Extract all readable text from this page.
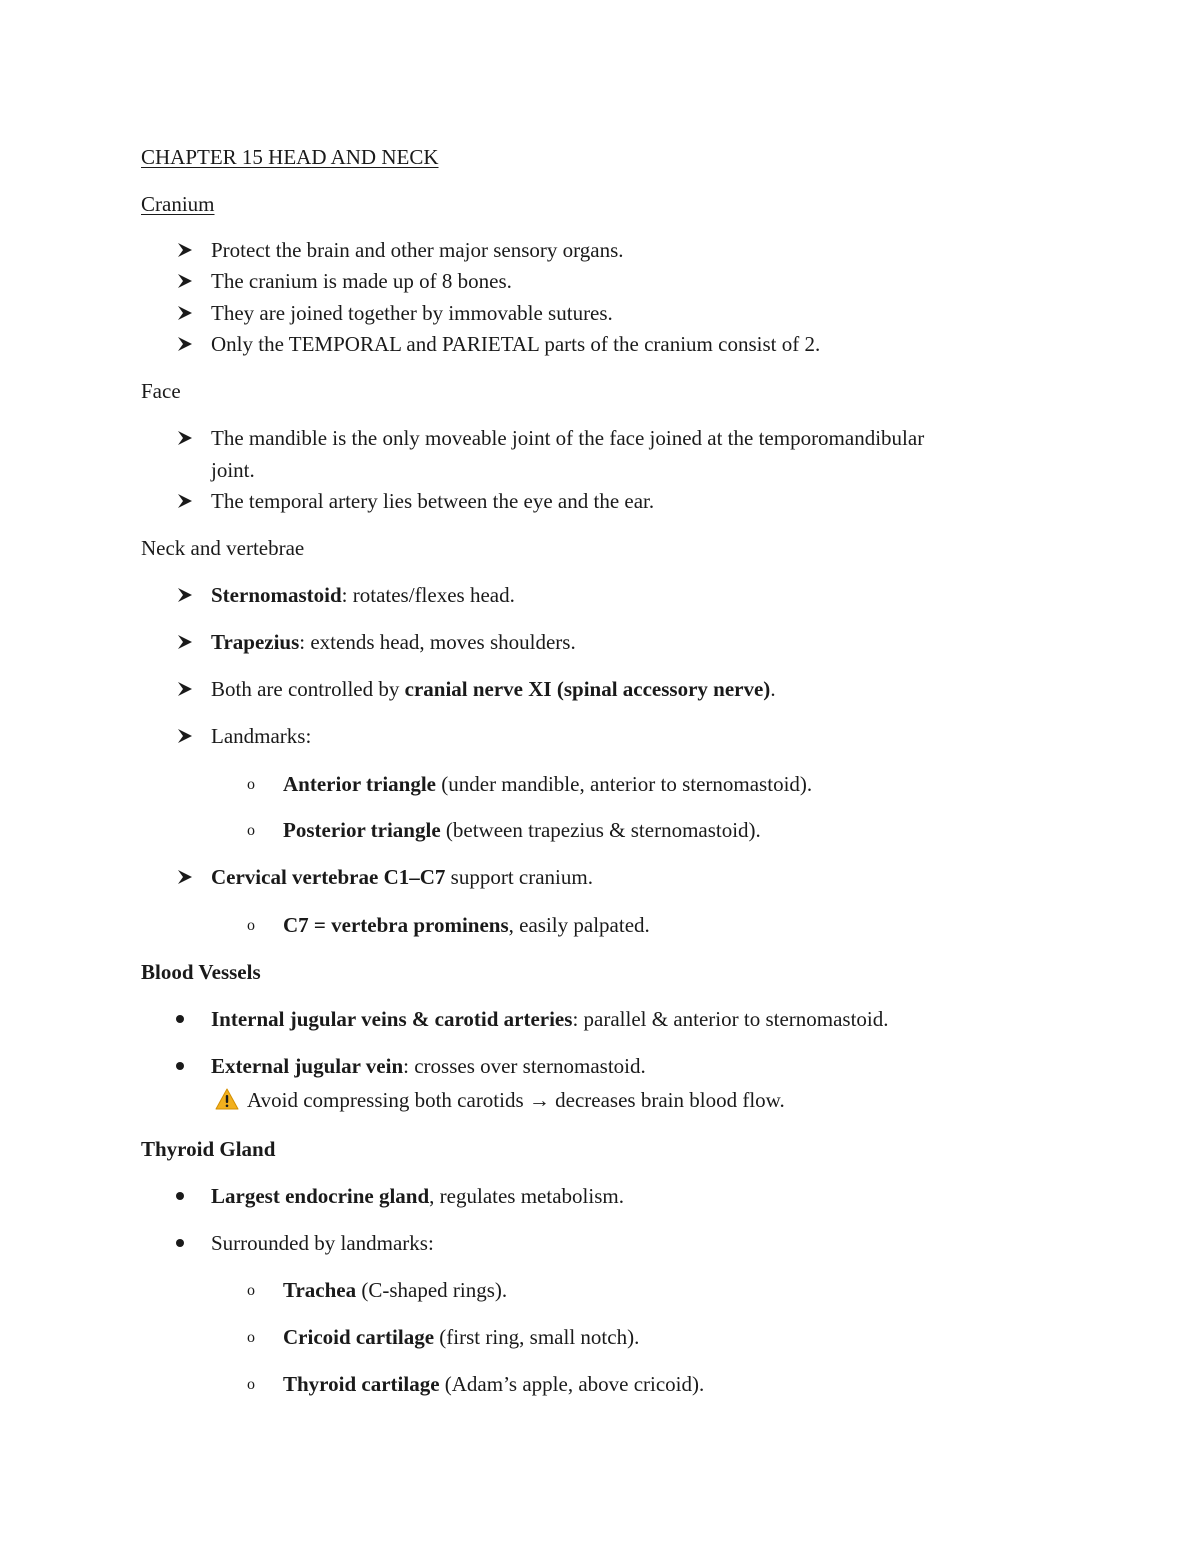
CHAPTER 15 HEAD AND NECK
Cranium
Protect the brain and other major sensory organs.
The cranium is made up of 8 bones.
They are joined together by immovable sutures.
Only the TEMPORAL and PARIETAL parts of the cranium consist of 2.
Face
The mandible is the only moveable joint of the face joined at the temporomandibular
joint.
The temporal artery lies between the eye and the ear.
Neck and vertebrae
Sternomastoid: rotates/flexes head.
Trapezius: extends head, moves shoulders.
Both are controlled by cranial nerve XI (spinal accessory nerve).
Landmarks:
o Anterior triangle (under mandible, anterior to sternomastoid).
o Posterior triangle (between trapezius & sternomastoid).
Cervical vertebrae C1–C7 support cranium.
o C7 = vertebra prominens, easily palpated.
Blood Vessels
Internal jugular veins & carotid arteries: parallel & anterior to sternomastoid.
External jugular vein: crosses over sternomastoid.
Avoid compressing both carotids → decreases brain blood flow.
Thyroid Gland
Largest endocrine gland, regulates metabolism.
Surrounded by landmarks:
o Trachea (C-shaped rings).
o Cricoid cartilage (first ring, small notch).
o Thyroid cartilage (Adam’s apple, above cricoid).
